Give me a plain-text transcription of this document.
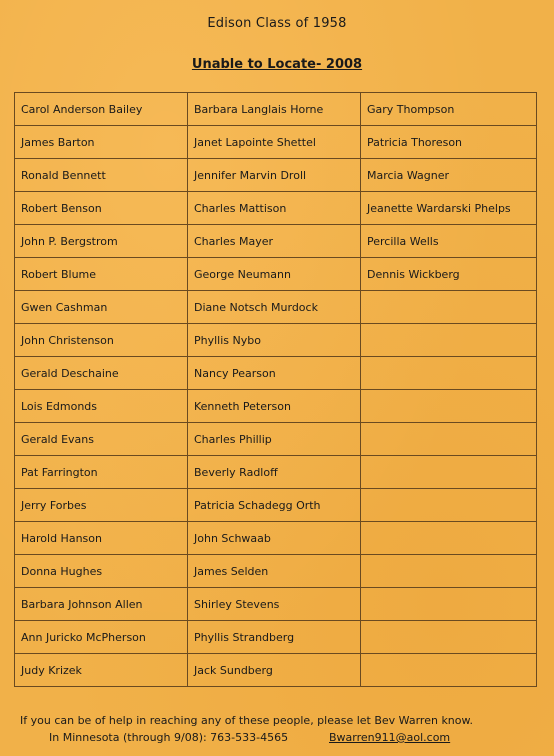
Edison Class of 1958
Unable to Locate- 2008
Carol Anderson Bailey	Barbara Langlais Horne	Gary Thompson
James Barton	Janet Lapointe Shettel	Patricia Thoreson
Ronald Bennett	Jennifer Marvin Droll	Marcia Wagner
Robert Benson	Charles Mattison	Jeanette Wardarski Phelps
John P. Bergstrom	Charles Mayer	Percilla Wells
Robert Blume	George Neumann	Dennis Wickberg
Gwen Cashman	Diane Notsch Murdock	
John Christenson	Phyllis Nybo	
Gerald Deschaine	Nancy Pearson	
Lois Edmonds	Kenneth Peterson	
Gerald Evans	Charles Phillip	
Pat Farrington	Beverly Radloff	
Jerry Forbes	Patricia Schadegg Orth	
Harold Hanson	John Schwaab	
Donna Hughes	James Selden	
Barbara Johnson Allen	Shirley Stevens	
Ann Juricko McPherson	Phyllis Strandberg	
Judy Krizek	Jack Sundberg	
If you can be of help in reaching any of these people, please let Bev Warren know.
In Minnesota (through 9/08): 763-533-4565	Bwarren911@aol.com
